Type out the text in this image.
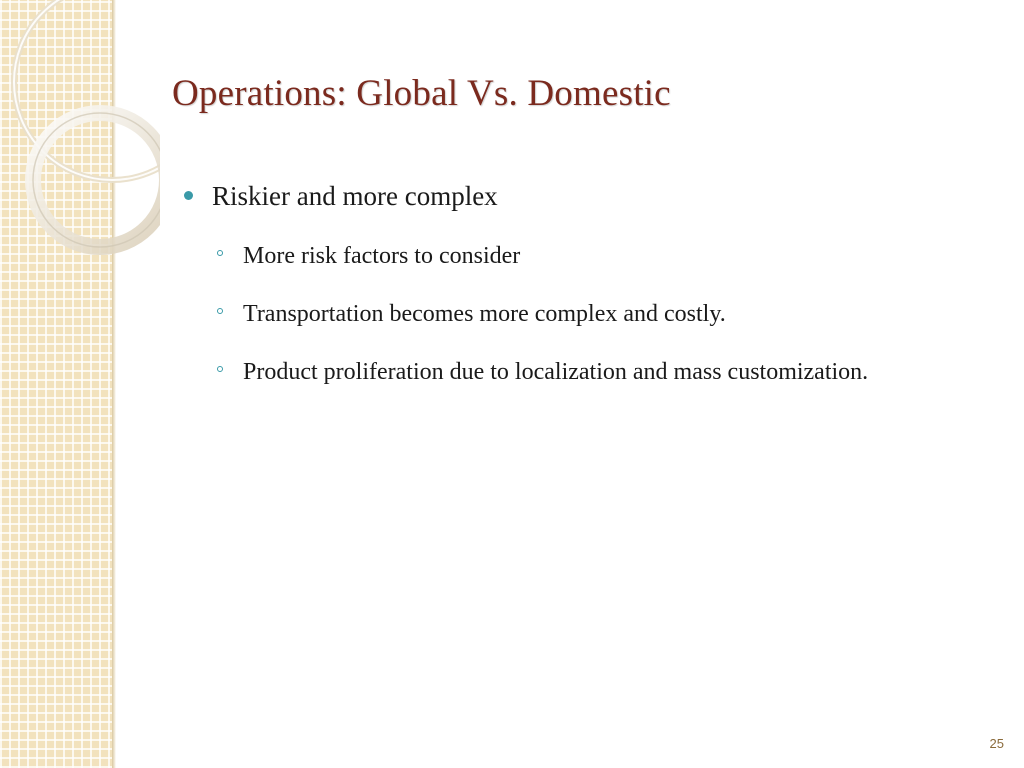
Operations: Global Vs. Domestic
Riskier and more complex
More risk factors to consider
Transportation becomes more complex and costly.
Product proliferation due to localization and mass customization.
25
